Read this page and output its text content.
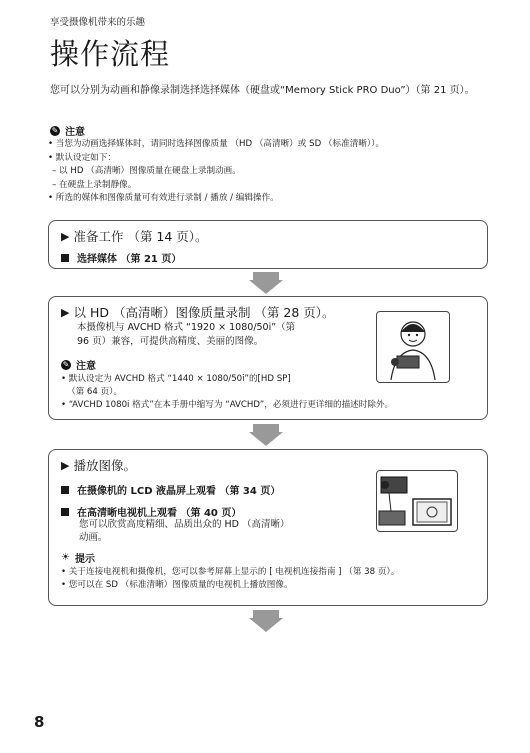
享受摄像机带来的乐趣
操作流程
您可以分别为动画和静像录制选择选择媒体（硬盘或“Memory Stick PRO Duo”）（第 21 页）。
✎ 注意
• 当您为动画选择媒体时，请同时选择图像质量 （HD （高清晰）或 SD （标准清晰））。
• 默认设定如下：
– 以 HD （高清晰）图像质量在硬盘上录制动画。
– 在硬盘上录制静像。
• 所选的媒体和图像质量可有效进行录制 / 播放 / 编辑操作。
▶ 准备工作 （第 14 页）。
选择媒体 （第 21 页）
▶ 以 HD （高清晰）图像质量录制 （第 28 页）。
本摄像机与 AVCHD 格式 “1920 × 1080/50i”（第
96 页）兼容，可提供高精度、美丽的图像。
✎ 注意
• 默认设定为 AVCHD 格式 “1440 × 1080/50i”的[HD SP]
（第 64 页）。
• “AVCHD 1080i 格式”在本手册中缩写为 “AVCHD”，必须进行更详细的描述时除外。
▶ 播放图像。
在摄像机的 LCD 液晶屏上观看 （第 34 页）
在高清晰电视机上观看 （第 40 页）
您可以欣赏高度精细、品质出众的 HD （高清晰）
动画。
☀ 提示
• 关于连接电视机和摄像机，您可以参考屏幕上显示的 [ 电视机连接指南 ] （第 38 页）。
• 您可以在 SD （标准清晰）图像质量的电视机上播放图像。
8
